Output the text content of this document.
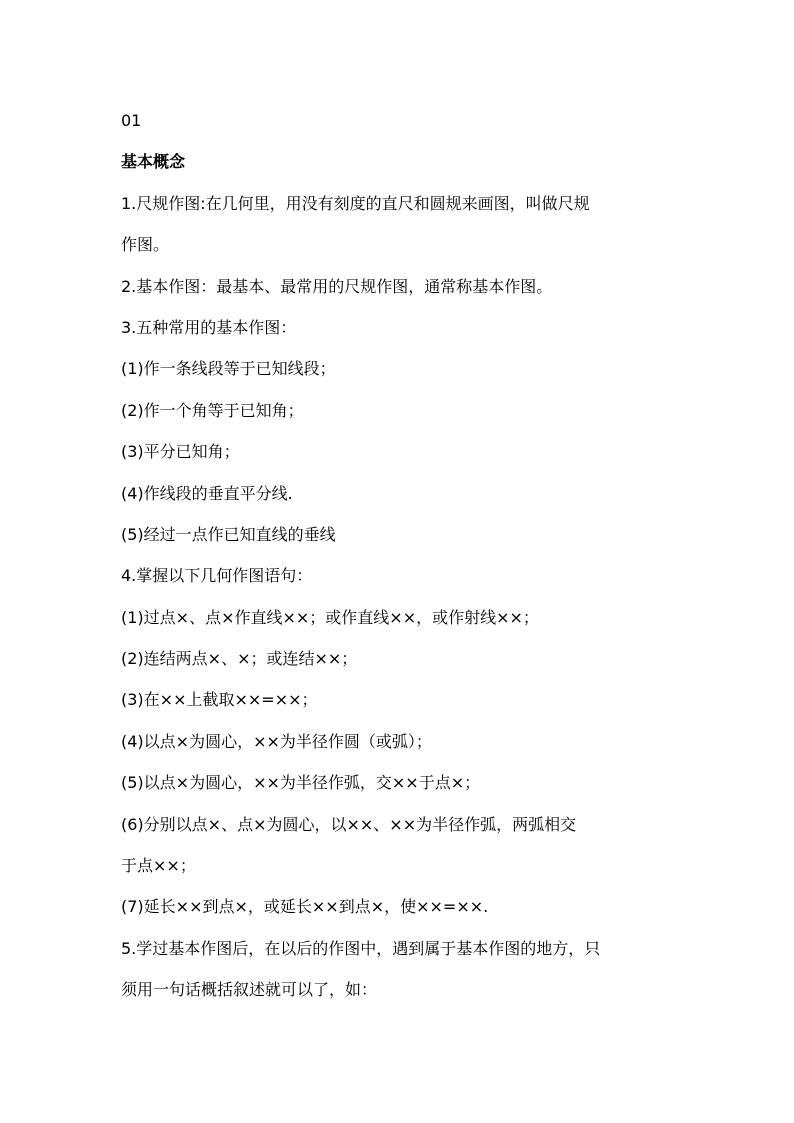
01
基本概念
1.尺规作图:在几何里，用没有刻度的直尺和圆规来画图，叫做尺规
作图。
2.基本作图：最基本、最常用的尺规作图，通常称基本作图。
3.五种常用的基本作图：
(1)作一条线段等于已知线段；
(2)作一个角等于已知角；
(3)平分已知角；
(4)作线段的垂直平分线.
(5)经过一点作已知直线的垂线
4.掌握以下几何作图语句：
(1)过点×、点×作直线××；或作直线××，或作射线××；
(2)连结两点×、×；或连结××；
(3)在××上截取××=××；
(4)以点×为圆心，××为半径作圆（或弧）；
(5)以点×为圆心，××为半径作弧，交××于点×；
(6)分别以点×、点×为圆心，以××、××为半径作弧，两弧相交
于点××；
(7)延长××到点×，或延长××到点×，使××=××.
5.学过基本作图后，在以后的作图中，遇到属于基本作图的地方，只
须用一句话概括叙述就可以了，如：
